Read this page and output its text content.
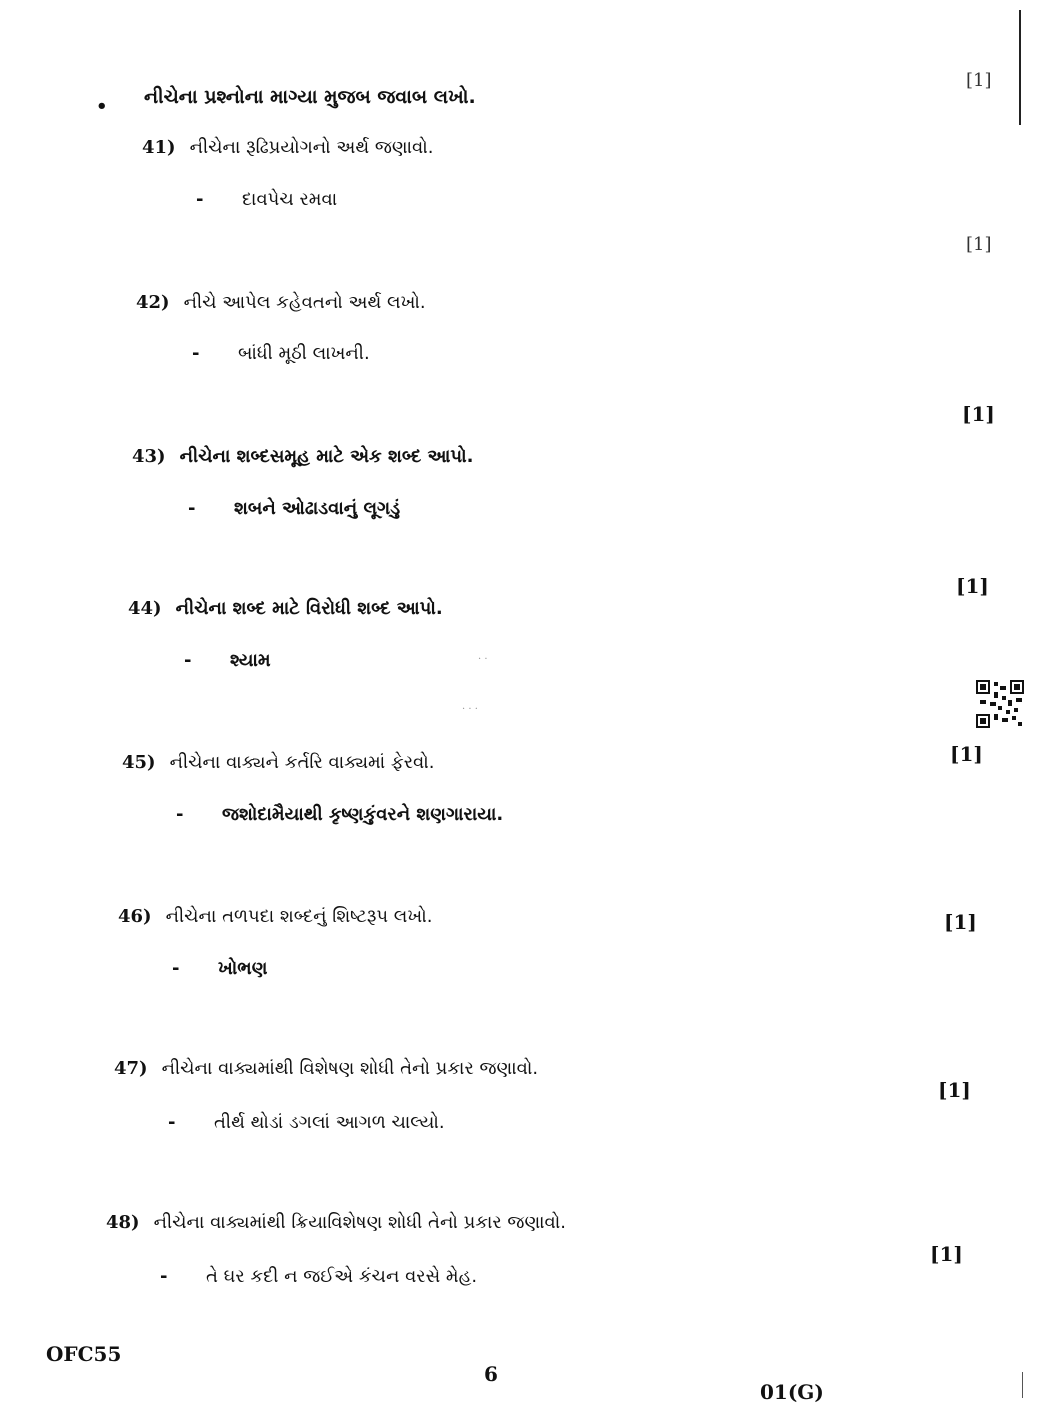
• નીચેના પ્રશ્નોના માગ્યા મુજબ જવાબ લખો.
[1]
41) નીચેના રૂઢિપ્રયોગનો અર્થ જણાવો.
- દાવપેચ રમવા
[1]
42) નીચે આપેલ કહેવતનો અર્થ લખો.
- બાંધી મૂઠી લાખની.
[1]
43) નીચેના શબ્દસમૂહ માટે એક શબ્દ આપો.
- શબને ઓઢાડવાનું લૂગડું
[1]
44) નીચેના શબ્દ માટે વિરોધી શબ્દ આપો.
- શ્યામ	· ·
· · ·
[1]
45) નીચેના વાક્યને કર્તરિ વાક્યમાં ફેરવો.
- જશોદામૈયાથી કૃષ્ણકુંવરને શણગારાયા.
46) નીચેના તળપદા શબ્દનું શિષ્ટરૂપ લખો.	[1]
- ખોભણ
47) નીચેના વાક્યમાંથી વિશેષણ શોધી તેનો પ્રકાર જણાવો.
[1]
- તીર્થ થોડાં ડગલાં આગળ ચાલ્યો.
48) નીચેના વાક્યમાંથી ક્રિયાવિશેષણ શોધી તેનો પ્રકાર જણાવો.
[1]
- તે ઘર કદી ન જઈએ કંચન વરસે મેહ.
OFC55
6
01(G)
